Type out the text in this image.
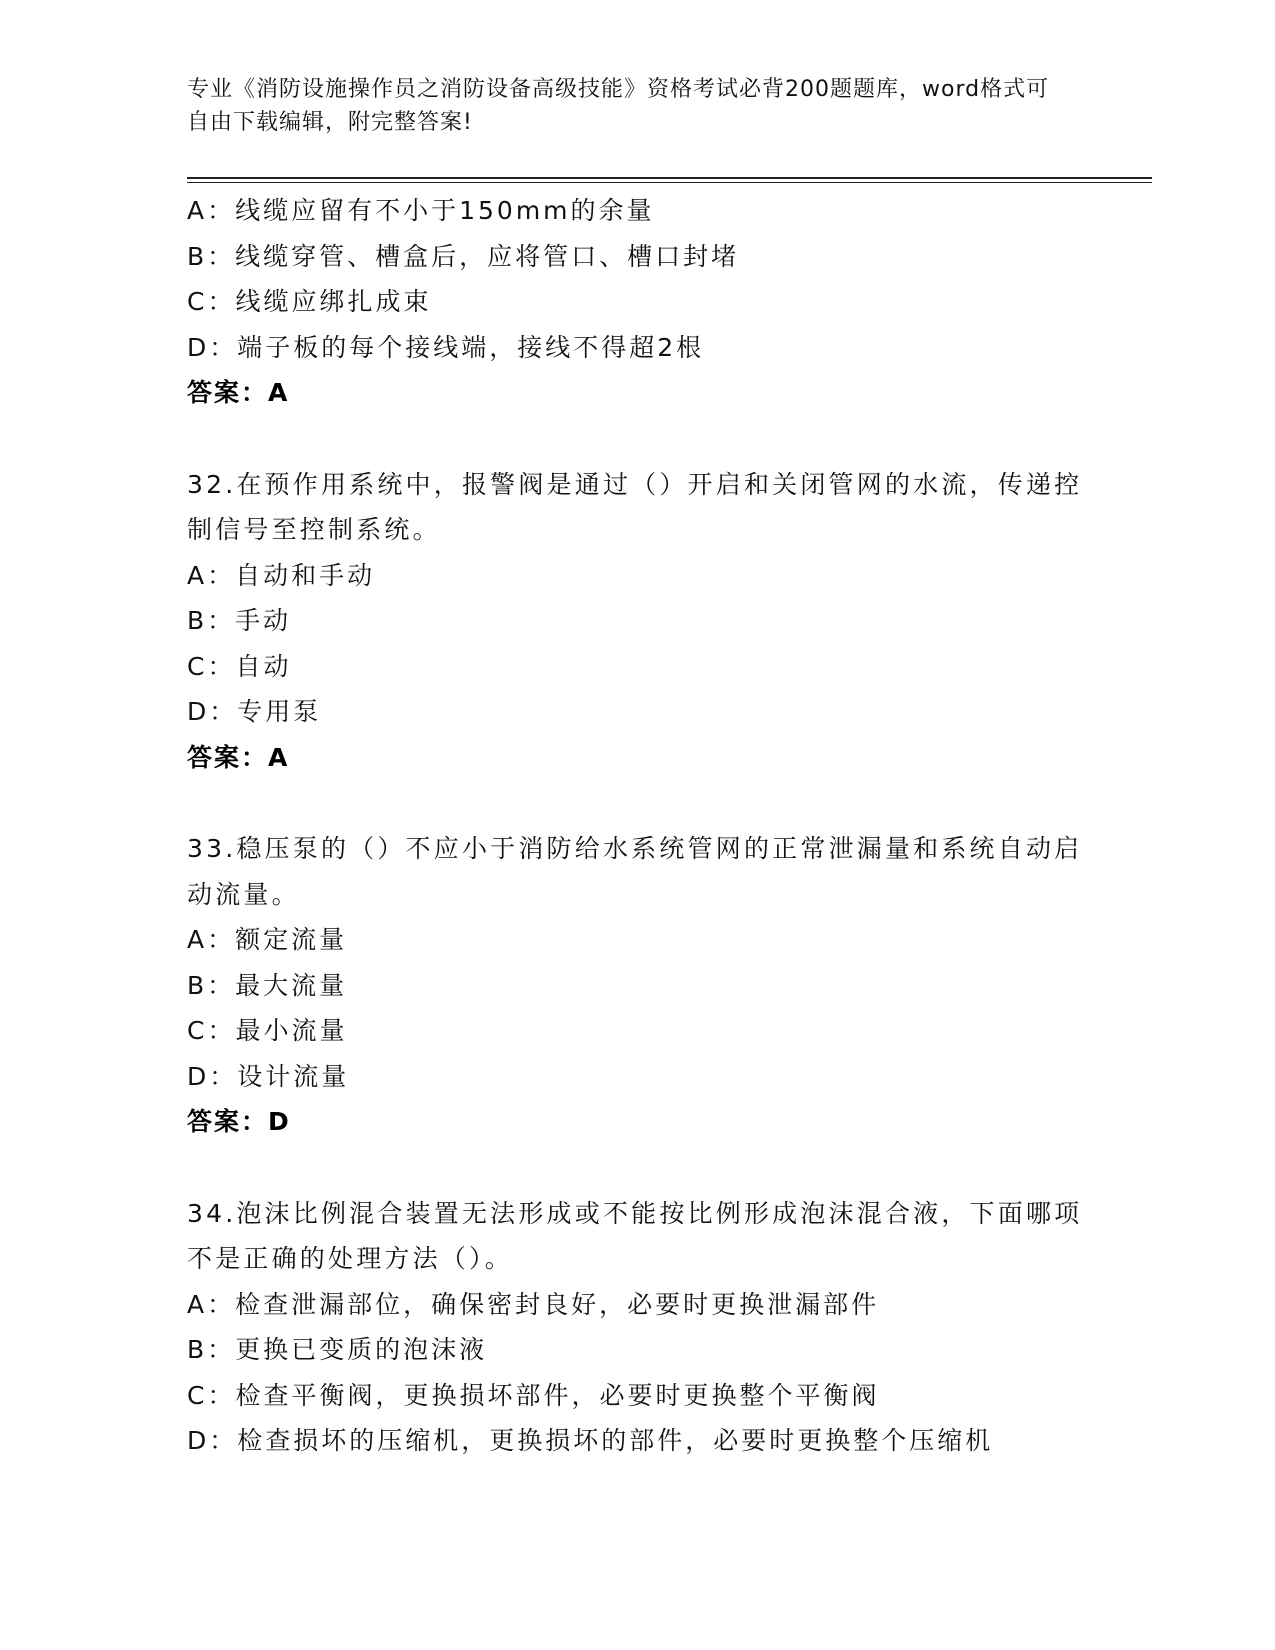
专业《消防设施操作员之消防设备高级技能》资格考试必背200题题库，word格式可自由下载编辑，附完整答案!
A：线缆应留有不小于150mm的余量
B：线缆穿管、槽盒后，应将管口、槽口封堵
C：线缆应绑扎成束
D：端子板的每个接线端，接线不得超2根
答案：A
32.在预作用系统中，报警阀是通过（）开启和关闭管网的水流，传递控制信号至控制系统。
A：自动和手动
B：手动
C：自动
D：专用泵
答案：A
33.稳压泵的（）不应小于消防给水系统管网的正常泄漏量和系统自动启动流量。
A：额定流量
B：最大流量
C：最小流量
D：设计流量
答案：D
34.泡沫比例混合装置无法形成或不能按比例形成泡沫混合液，下面哪项不是正确的处理方法（）。
A：检查泄漏部位，确保密封良好，必要时更换泄漏部件
B：更换已变质的泡沫液
C：检查平衡阀，更换损坏部件，必要时更换整个平衡阀
D：检查损坏的压缩机，更换损坏的部件，必要时更换整个压缩机
